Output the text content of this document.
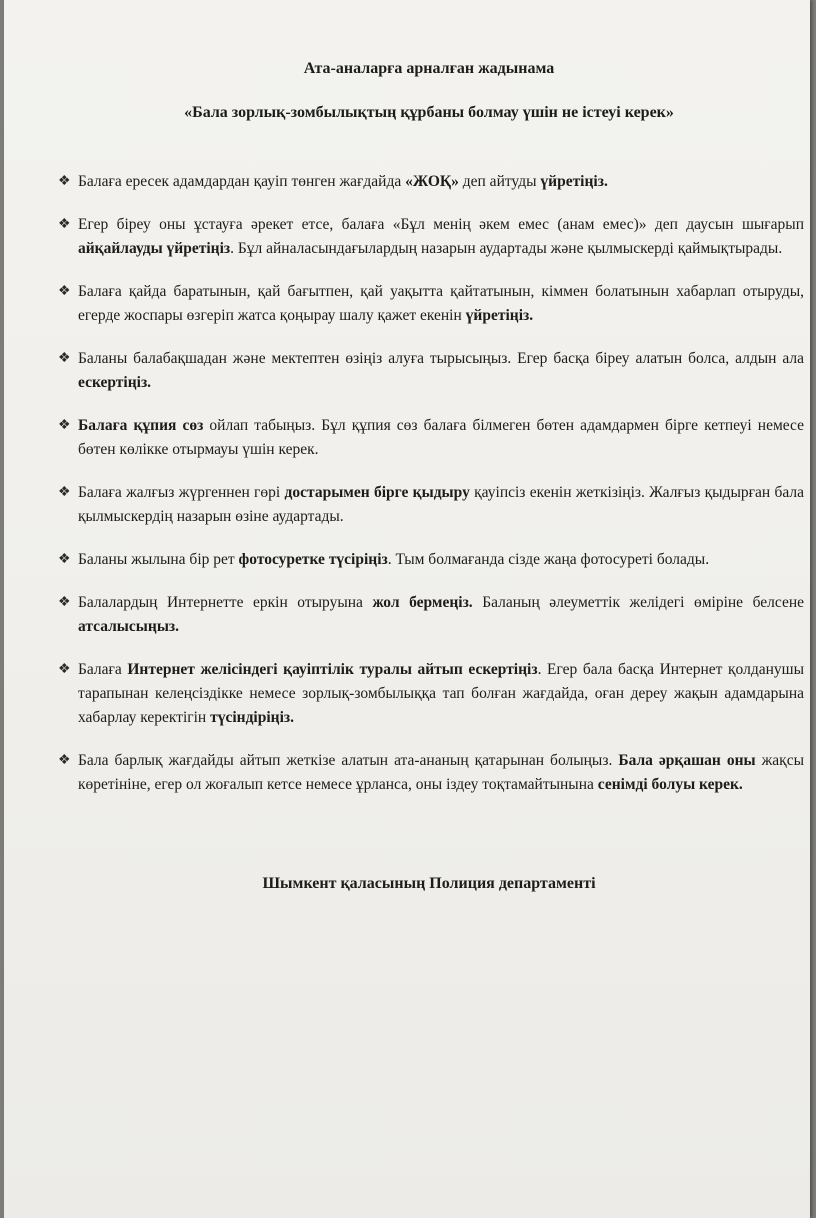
Ата-аналарға арналған жадынама
«Бала зорлық-зомбылықтың құрбаны болмау үшін не істеуі керек»
❖ Балаға ересек адамдардан қауіп төнген жағдайда «ЖОҚ» деп айтуды үйретіңіз.
❖ Егер біреу оны ұстауға әрекет етсе, балаға «Бұл менің әкем емес (анам емес)» деп даусын шығарып айқайлауды үйретіңіз. Бұл айналасындағылардың назарын аудартады және қылмыскерді қаймықтырады.
❖ Балаға қайда баратынын, қай бағытпен, қай уақытта қайтатынын, кіммен болатынын хабарлап отыруды, егерде жоспары өзгеріп жатса қоңырау шалу қажет екенін үйретіңіз.
❖ Баланы балабақшадан және мектептен өзіңіз алуға тырысыңыз. Егер басқа біреу алатын болса, алдын ала ескертіңіз.
❖ Балаға құпия сөз ойлап табыңыз. Бұл құпия сөз балаға білмеген бөтен адамдармен бірге кетпеуі немесе бөтен көлікке отырмауы үшін керек.
❖ Балаға жалғыз жүргеннен гөрі достарымен бірге қыдыру қауіпсіз екенін жеткізіңіз. Жалғыз қыдырған бала қылмыскердің назарын өзіне аудартады.
❖ Баланы жылына бір рет фотосуретке түсіріңіз. Тым болмағанда сізде жаңа фотосуреті болады.
❖ Балалардың Интернетте еркін отыруына жол бермеңіз. Баланың әлеуметтік желідегі өміріне белсене атсалысыңыз.
❖ Балаға Интернет желісіндегі қауіптілік туралы айтып ескертіңіз. Егер бала басқа Интернет қолданушы тарапынан келеңсіздікке немесе зорлық-зомбылыққа тап болған жағдайда, оған дереу жақын адамдарына хабарлау керектігін түсіндіріңіз.
❖ Бала барлық жағдайды айтып жеткізе алатын ата-ананың қатарынан болыңыз. Бала әрқашан оны жақсы көретініне, егер ол жоғалып кетсе немесе ұрланса, оны іздеу тоқтамайтынына сенімді болуы керек.
Шымкент қаласының Полиция департаменті
